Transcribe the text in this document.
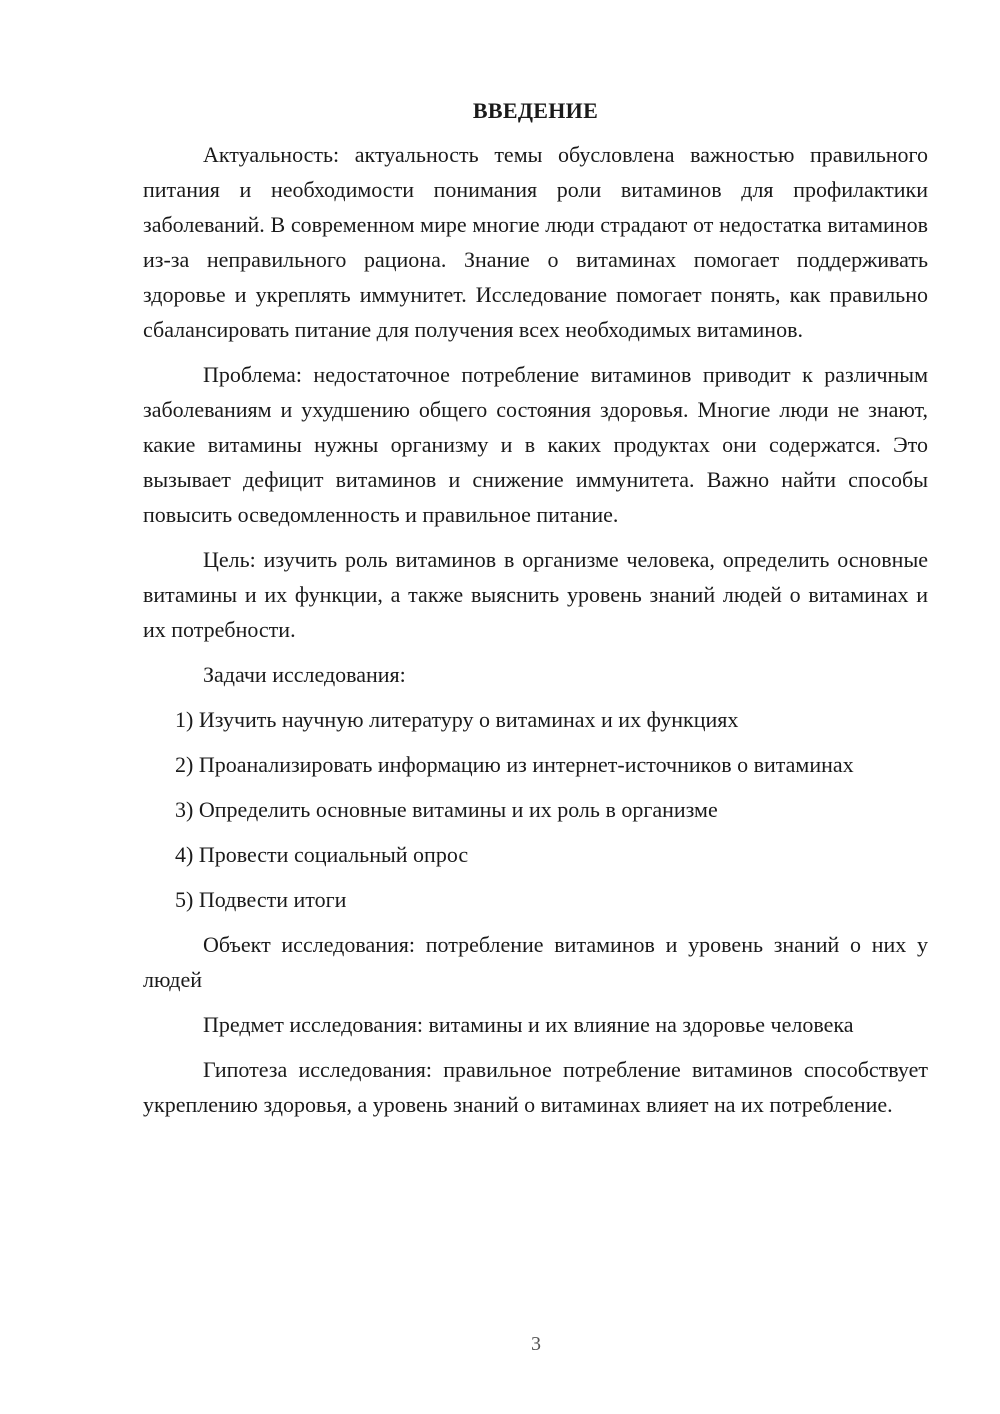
ВВЕДЕНИЕ

Актуальность: актуальность темы обусловлена важностью правильного питания и необходимости понимания роли витаминов для профилактики заболеваний. В современном мире многие люди страдают от недостатка витаминов из-за неправильного рациона. Знание о витаминах помогает поддерживать здоровье и укреплять иммунитет. Исследование помогает понять, как правильно сбалансировать питание для получения всех необходимых витаминов.

Проблема: недостаточное потребление витаминов приводит к различным заболеваниям и ухудшению общего состояния здоровья. Многие люди не знают, какие витамины нужны организму и в каких продуктах они содержатся. Это вызывает дефицит витаминов и снижение иммунитета. Важно найти способы повысить осведомленность и правильное питание.

Цель: изучить роль витаминов в организме человека, определить основные витамины и их функции, а также выяснить уровень знаний людей о витаминах и их потребности.

Задачи исследования:

1) Изучить научную литературу о витаминах и их функциях

2) Проанализировать информацию из интернет-источников о витаминах

3) Определить основные витамины и их роль в организме

4) Провести социальный опрос

5) Подвести итоги

Объект исследования: потребление витаминов и уровень знаний о них у людей

Предмет исследования: витамины и их влияние на здоровье человека

Гипотеза исследования: правильное потребление витаминов способствует укреплению здоровья, а уровень знаний о витаминах влияет на их потребление.

3
